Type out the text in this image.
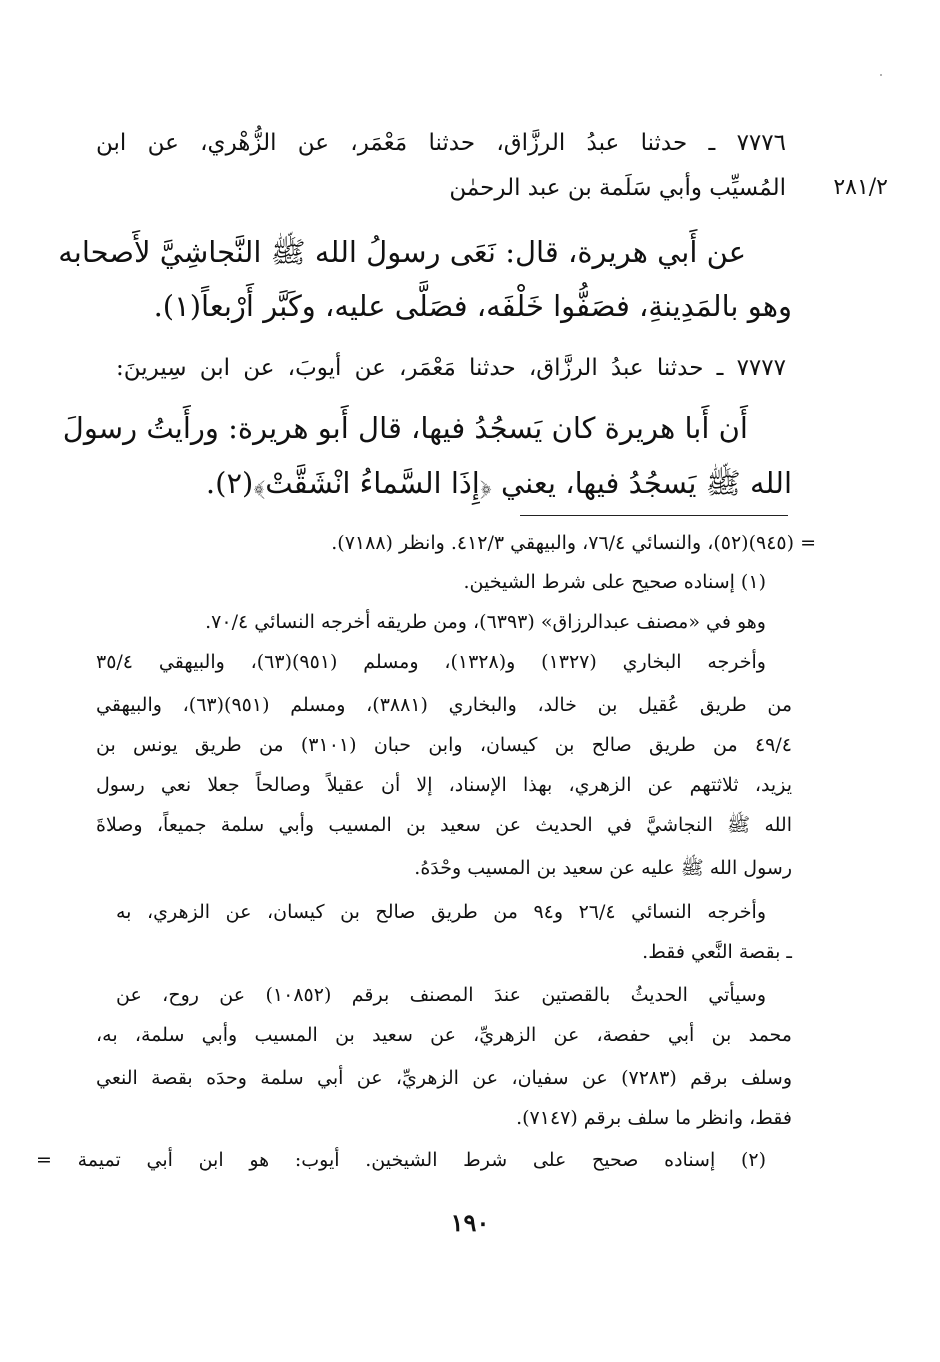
٧٧٧٦ ـ حدثنا عبدُ الرزَّاق، حدثنا مَعْمَر، عن الزُّهْري، عن ابن

المُسيِّب وأبي سَلَمة بن عبد الرحمٰن	٢٨١/٢

عن أَبي هريرة، قال: نَعَى رسولُ الله ﷺ النَّجاشِيَّ لأَصحابه

وهو بالمَدِينةِ، فصَفُّوا خَلْفَه، فصَلَّى عليه، وكَبَّر أَرْبعاً(١).

٧٧٧٧ ـ حدثنا عبدُ الرزَّاق، حدثنا مَعْمَر، عن أيوبَ، عن ابن سِيرينَ:

أَن أَبا هريرة كان يَسجُدُ فيها، قال أَبو هريرة: ورأَيتُ رسولَ

الله ﷺ يَسجُدُ فيها، يعني ﴿إِذَا السَّماءُ انْشَقَّتْ﴾(٢).

= (٩٤٥)(٥٢)، والنسائي ٧٦/٤، والبيهقي ٤١٢/٣. وانظر (٧١٨٨).

(١) إسناده صحيح على شرط الشيخين.

وهو في «مصنف عبدالرزاق» (٦٣٩٣)، ومن طريقه أخرجه النسائي ٧٠/٤.

وأخرجه البخاري (١٣٢٧) و(١٣٢٨)، ومسلم (٩٥١)(٦٣)، والبيهقي ٣٥/٤

من طريق عُقيل بن خالد، والبخاري (٣٨٨١)، ومسلم (٩٥١)(٦٣)، والبيهقي

٤٩/٤ من طريق صالح بن كيسان، وابن حبان (٣١٠١) من طريق يونس بن

يزيد، ثلاثتهم عن الزهري، بهذا الإسناد، إلا أن عقيلاً وصالحاً جعلا نعي رسول

الله ﷺ النجاشيَّ في الحديث عن سعيد بن المسيب وأبي سلمة جميعاً، وصلاةَ

رسول الله ﷺ عليه عن سعيد بن المسيب وحْدَهُ.

وأخرجه النسائي ٢٦/٤ و٩٤ من طريق صالح بن كيسان، عن الزهري، به

ـ بقصة النَّعي فقط.

وسيأتي الحديثُ بالقصتين عندَ المصنف برقم (١٠٨٥٢) عن روح، عن

محمد بن أبي حفصة، عن الزهريِّ، عن سعيد بن المسيب وأبي سلمة، به،

وسلف برقم (٧٢٨٣) عن سفيان، عن الزهريِّ، عن أبي سلمة وحدَه بقصة النعي

فقط، وانظر ما سلف برقم (٧١٤٧).

(٢) إسناده صحيح على شرط الشيخين. أيوب: هو ابن أبي تميمة =

١٩٠
